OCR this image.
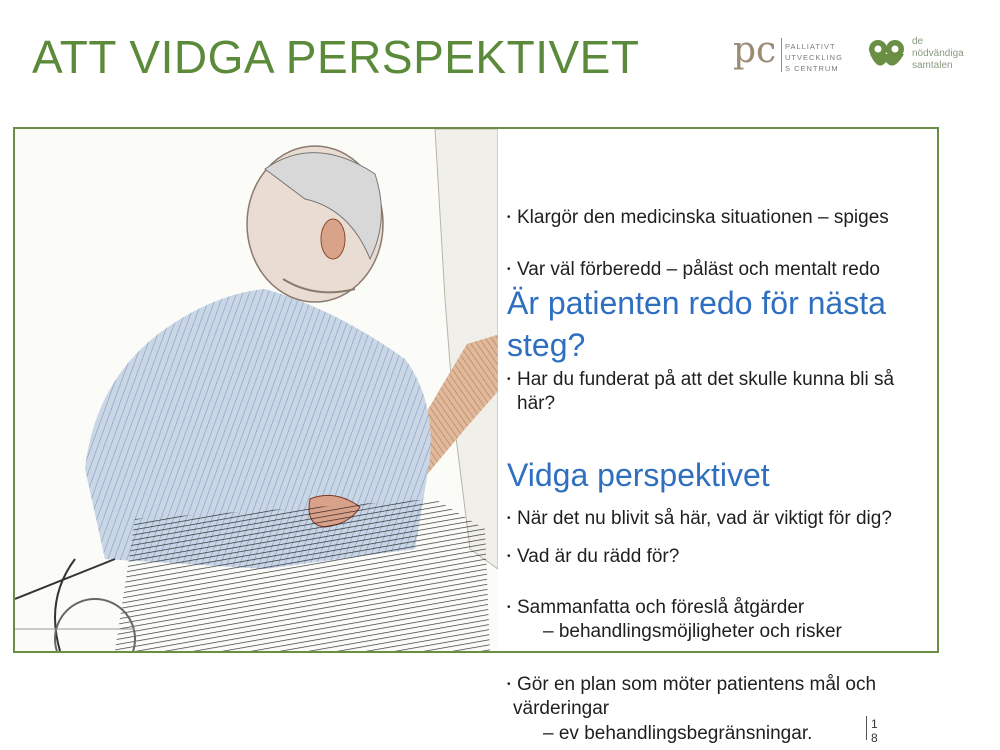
ATT VIDGA PERSPEKTIVET	pc PALLIATIVT
UTVECKLING
S CENTRUM
de
nödvändiga
samtalen
• Klargör den medicinska situationen – spiges
• Var väl förberedd – påläst och mentalt redo
Är patienten redo för nästa
steg?
• Har du funderat på att det skulle kunna bli så
här?
Vidga perspektivet
• När det nu blivit så här, vad är viktigt för dig?
• Vad är du rädd för?
• Sammanfatta och föreslå åtgärder
– behandlingsmöjligheter och risker
• Gör en plan som möter patientens mål och
värderingar
– ev behandlingsbegränsningar.	1
8
